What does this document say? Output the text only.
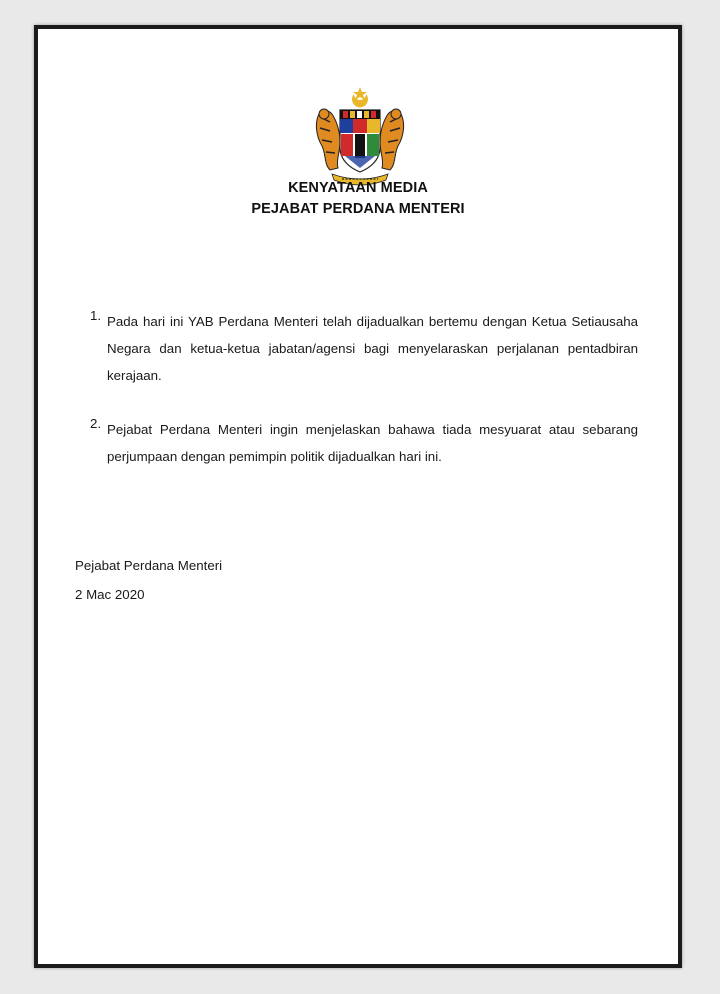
KENYATAAN MEDIA
PEJABAT PERDANA MENTERI
1. Pada hari ini YAB Perdana Menteri telah dijadualkan bertemu dengan Ketua Setiausaha Negara dan ketua-ketua jabatan/agensi bagi menyelaraskan perjalanan pentadbiran kerajaan.
2. Pejabat Perdana Menteri ingin menjelaskan bahawa tiada mesyuarat atau sebarang perjumpaan dengan pemimpin politik dijadualkan hari ini.
Pejabat Perdana Menteri
2 Mac 2020
